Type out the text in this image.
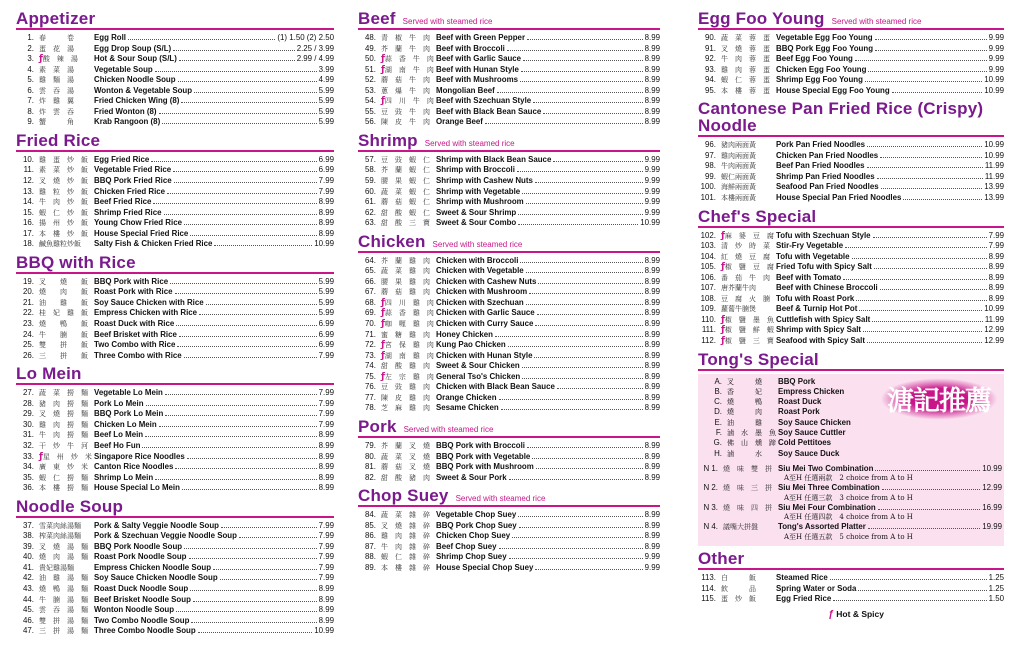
Appetizer
1. 春　　　卷	Egg Roll	(1) 1.50 (2) 2.50
2. 蛋　花　湯	Egg Drop Soup (S/L)	2.25 / 3.99
3. ƒ酸　辣　湯	Hot & Sour Soup (S/L)	2.99 / 4.99
4. 素　菜　湯	Vegetable Soup	3.99
5. 雞　麵　湯	Chicken Noodle Soup	4.99
6. 雲　吞　湯	Wonton & Vegetable Soup	5.99
7. 炸　雞　翼	Fried Chicken Wing (8)	5.99
8. 炸　雲　吞	Fried Wonton (8)	5.99
9. 蟹　　　角	Krab Rangoon (8)	5.99
Fried Rice
10. 雞　蛋　炒　飯 Egg Fried Rice	6.99
11. 素　菜　炒　飯 Vegetable Fried Rice	6.99
12. 叉　燒　炒　飯 BBQ Pork Fried Rice	7.99
13. 雞　粒　炒　飯 Chicken Fried Rice	7.99
14. 牛　肉　炒　飯 Beef Fried Rice	8.99
15. 蝦　仁　炒　飯 Shrimp Fried Rice	8.99
16. 揚　州　炒　飯 Young Chow Fried Rice	8.99
17. 本　樓　炒　飯 House Special Fried Rice	8.99
18. 鹹魚雞粒炒飯	Salty Fish & Chicken Fried Rice	10.99
BBQ with Rice
19. 叉　　燒　　飯 BBQ Pork with Rice	5.99
20. 燒　　肉　　飯 Roast Pork with Rice	5.99
21. 油　　雞　　飯 Soy Sauce Chicken with Rice	5.99
22. 桂　妃　雞　飯 Empress Chicken with Rice	5.99
23. 燒　　鴨　　飯 Roast Duck with Rice	6.99
24. 牛　　腩　　飯 Beef Brisket with Rice	6.99
25. 雙　　拼　　飯 Two Combo with Rice	6.99
26. 三　　拼　　飯 Three Combo with Rice	7.99
Lo Mein
27. 蔬　菜　撈　麵 Vegetable Lo Mein	7.99
28. 豬　肉　撈　麵 Pork Lo Mein	7.99
29. 叉　燒　撈　麵 BBQ Pork Lo Mein	7.99
30. 雞　肉　撈　麵 Chicken Lo Mein	7.99
31. 牛　肉　撈　麵 Beef Lo Mein	8.99
32. 干　炒　牛　河 Beef Ho Fun	8.99
33. ƒ星　州　炒　米 Singapore Rice Noodles	8.99
34. 廣　東　炒　米 Canton Rice Noodles	8.99
35. 蝦　仁　撈　麵 Shrimp Lo Mein	8.99
36. 本　樓　撈　麵 House Special Lo Mein	8.99
Noodle Soup
37. 雪菜肉絲湯麵	Pork & Salty Veggie Noodle Soup	7.99
38. 榨菜肉絲湯麵	Pork & Szechuan Veggie Noodle Soup	7.99
39. 叉　燒　湯　麵 BBQ Pork Noodle Soup	7.99
40. 燒　肉　湯　麵 Roast Pork Noodle Soup	7.99
41. 貴妃雞湯麵	Empress Chicken Noodle Soup	7.99
42. 油　雞　湯　麵 Soy Sauce Chicken Noodle Soup	7.99
43. 燒　鴨　湯　麵 Roast Duck Noodle Soup	8.99
44. 牛　腩　湯　麵 Beef Brisket Noodle Soup	8.99
45. 雲　吞　湯　麵 Wonton Noodle Soup	8.99
46. 雙　拼　湯　麵 Two Combo Noodle Soup	8.99
47. 三　拼　湯　麵 Three Combo Noodle Soup	10.99
Beef Served with steamed rice
48. 青　椒　牛　肉 Beef with Green Pepper	8.99
49. 芥　蘭　牛　肉 Beef with Broccoli	8.99
50. ƒ蒜　香　牛　肉 Beef with Garlic Sauce	8.99
51. ƒ湖　南　牛　肉 Beef with Hunan Style	8.99
52. 蘑　菇　牛　肉 Beef with Mushrooms	8.99
53. 蔥　爆　牛　肉 Mongolian Beef	8.99
54. ƒ四　川　牛　肉 Beef with Szechuan Style	8.99
55. 豆　豉　牛　肉 Beef with Black Bean Sauce	8.99
56. 陳　皮　牛　肉 Orange Beef	8.99
Shrimp Served with steamed rice
57. 豆　豉　蝦　仁 Shrimp with Black Bean Sauce	9.99
58. 芥　蘭　蝦　仁 Shrimp with Broccoli	9.99
59. 腰　果　蝦　仁 Shrimp with Cashew Nuts	9.99
60. 蔬　菜　蝦　仁 Shrimp with Vegetable	9.99
61. 蘑　菇　蝦　仁 Shrimp with Mushroom	9.99
62. 甜　酸　蝦　仁 Sweet & Sour Shrimp	9.99
63. 甜　酸　三　寶 Sweet & Sour Combo	10.99
Chicken Served with steamed rice
64. 芥　蘭　雞　肉 Chicken with Broccoli	8.99
65. 蔬　菜　雞　肉 Chicken with Vegetable	8.99
66. 腰　果　雞　肉 Chicken with Cashew Nuts	8.99
67. 蘑　菇　雞　肉 Chicken with Mushroom	8.99
68. ƒ四　川　雞　肉 Chicken with Szechuan	8.99
69. ƒ蒜　香　雞　肉 Chicken with Garlic Sauce	8.99
70. ƒ咖　喱　雞　肉 Chicken with Curry Sauce	8.99
71. 蜜　糖　雞　肉 Honey Chicken	8.99
72. ƒ宮　保　雞　肉 Kung Pao Chicken	8.99
73. ƒ湖　南　雞　肉 Chicken with Hunan Style	8.99
74. 甜　酸　雞　肉 Sweet & Sour Chicken	8.99
75. ƒ左　宗　雞　肉 General Tso's Chicken	8.99
76. 豆　豉　雞　肉 Chicken with Black Bean Sauce	8.99
77. 陳　皮　雞　肉 Orange Chicken	8.99
78. 芝　麻　雞　肉 Sesame Chicken	8.99
Pork Served with steamed rice
79. 芥　蘭　叉　燒 BBQ Pork with Broccoli	8.99
80. 蔬　菜　叉　燒 BBQ Pork with Vegetable	8.99
81. 蘑　菇　叉　燒 BBQ Pork with Mushroom	8.99
82. 甜　酸　豬　肉 Sweet & Sour Pork	8.99
Chop Suey Served with steamed rice
84. 蔬　菜　雜　碎 Vegetable Chop Suey	8.99
85. 叉　燒　雜　碎 BBQ Pork Chop Suey	8.99
86. 雞　肉　雜　碎 Chicken Chop Suey	8.99
87. 牛　肉　雜　碎 Beef Chop Suey	8.99
88. 蝦　仁　雜　碎 Shrimp Chop Suey	9.99
89. 本　樓　雜　碎 House Special Chop Suey	9.99
Egg Foo Young Served with steamed rice
90. 蔬　菜　蓉　蛋 Vegetable Egg Foo Young	9.99
91. 叉　燒　蓉　蛋 BBQ Pork Egg Foo Young	9.99
92. 牛　肉　蓉　蛋 Beef Egg Foo Young	9.99
93. 雞　肉　蓉　蛋 Chicken Egg Foo Young	9.99
94. 蝦　仁　蓉　蛋 Shrimp Egg Foo Young	10.99
95. 本　樓　蓉　蛋 House Special Egg Foo Young	10.99
Cantonese Pan Fried Rice (Crispy) Noodle
96. 豬肉兩面黃	Pork Pan Fried Noodles	10.99
97. 雞肉兩面黃	Chicken Pan Fried Noodles	10.99
98. 牛肉兩面黃	Beef Pan Fried Noodles	11.99
99. 蝦仁兩面黃	Shrimp Pan Fried Noodles	11.99
100. 海鮮兩面黃	Seafood Pan Fried Noodles	13.99
101. 本樓兩面黃	House Special Pan Fried Noodles	13.99
Chef's Special
102. ƒ麻　婆　豆　腐 Tofu with Szechuan Style	7.99
103. 清　炒　時　菜 Stir-Fry Vegetable	7.99
104. 紅　燒　豆　腐 Tofu with Vegetable	8.99
105. ƒ椒　鹽　豆　腐 Fried Tofu with Spicy Salt	8.99
106. 番　茄　牛　肉 Beef with Tomato	8.99
107. 唐芥蘭牛肉	Beef with Chinese Broccoli	8.99
108. 豆　腐　火　腩 Tofu with Roast Pork	8.99
109. 蘿蔔牛腩煲	Beef & Turnip Hot Pot	10.99
110. ƒ椒　鹽　墨　魚 Cuttlefish with Spicy Salt	11.99
111. ƒ椒　鹽　鮮　蝦 Shrimp with Spicy Salt	12.99
112. ƒ椒　鹽　三　寶 Seafood with Spicy Salt	12.99
Tong's Special
溏記推薦
A. 叉　　　燒	BBQ Pork
B. 香　　　妃	Empress Chicken
C. 燒　　　鴨	Roast Duck
D. 燒　　　肉	Roast Pork
E. 油　　　雞	Soy Sauce Chicken
F. 滷　水　墨　魚 Soy Sauce Cuttler
G. 佛　山　燻　蹄 Cold Pettitoes
H. 滷　　　水	Soy Sauce Duck
N 1. 燒　味　雙　拼 Siu Mei Two Combination	10.99
A至H 任選兩款　2 choice from A to H
N 2. 燒　味　三　拼 Siu Mei Three Combination	12.99
A至H 任選三款　3 choice from A to H
N 3. 燒　味　四　拼 Siu Mei Four Combination	16.99
A至H 任選四款　4 choice from A to H
N 4. 議嘴大拼盤	Tong's Assorted Platter	19.99
A至H 任選五款　5 choice from A to H
Other
113. 白　　　飯	Steamed Rice	1.25
114. 飲　　　品	Spring Water or Soda	1.25
115. 蛋　炒　飯	Egg Fried Rice	1.50
ƒ Hot & Spicy
